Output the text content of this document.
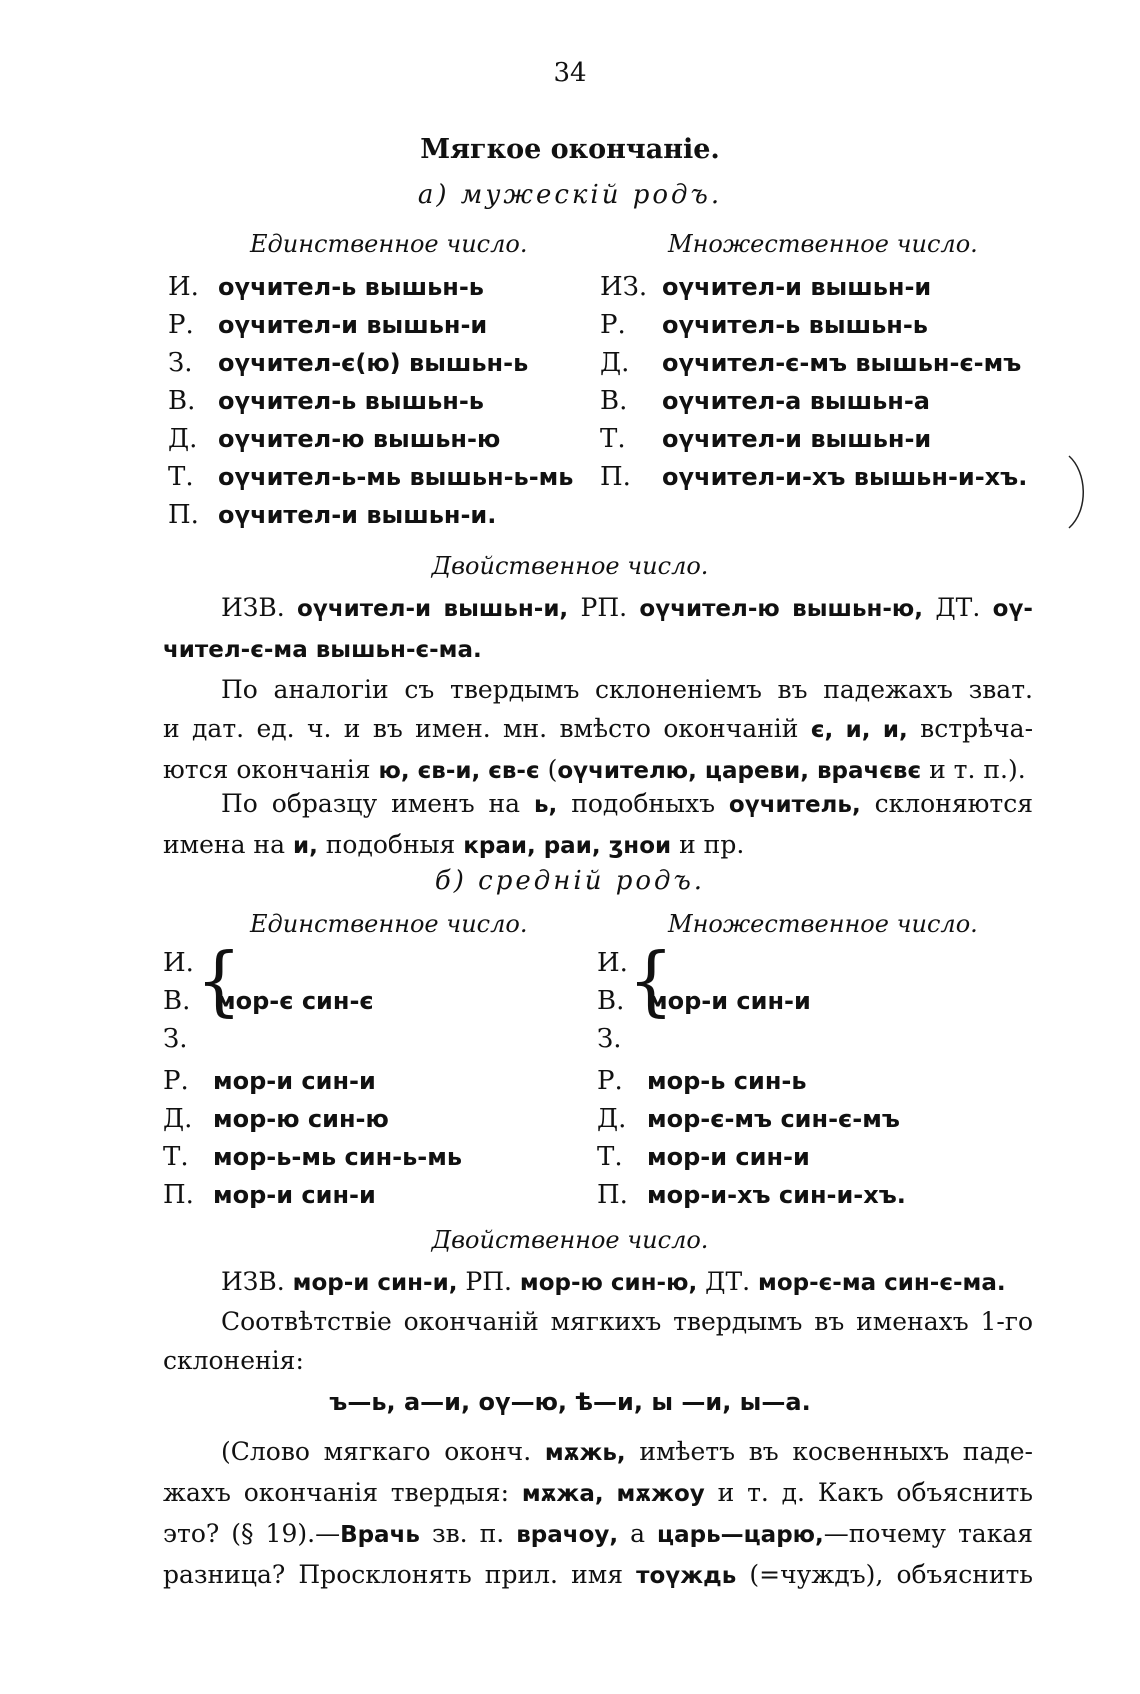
34
Мягкое окончаніе.
а) мужескій родъ.
Единственное число.	Множественное число.
И. оүчител-ь вышьн-ь
Р. оүчител-и вышьн-и
З. оүчител-є(ю) вышьн-ь
В. оүчител-ь вышьн-ь
Д. оүчител-ю вышьн-ю
Т. оүчител-ь-мь вышьн-ь-мь
П. оүчител-и вышьн-и.
ИЗ. оүчител-и вышьн-и
Р. оүчител-ь вышьн-ь
Д. оүчител-є-мъ вышьн-є-мъ
В. оүчител-а вышьн-а
Т. оүчител-и вышьн-и
П. оүчител-и-хъ вышьн-и-хъ.
Двойственное число.
ИЗВ. оүчител-и вышьн-и, РП. оүчител-ю вышьн-ю, ДТ. оү-
чител-є-ма вышьн-є-ма.
По аналогіи съ твердымъ склоненіемъ въ падежахъ зват.
и дат. ед. ч. и въ имен. мн. вмѣсто окончаній є, и, и, встрѣча-
ются окончанія ю, єв-и, єв-є (оүчителю, цареви, врачєвє и т. п.).
По образцу именъ на ь, подобныхъ оүчитель, склоняются
имена на и, подобныя краи, раи, ʒнои и пр.
б) средній родъ.
Единственное число.	Множественное число.
И.
В.
З.
{
мор-є син-є
И.
В.
З.
{
мор-и син-и
Р. мор-и син-и
Д. мор-ю син-ю
Т. мор-ь-мь син-ь-мь
П. мор-и син-и
Р. мор-ь син-ь
Д. мор-є-мъ син-є-мъ
Т. мор-и син-и
П. мор-и-хъ син-и-хъ.
Двойственное число.
ИЗВ. мор-и син-и, РП. мор-ю син-ю, ДТ. мор-є-ма син-є-ма.
Соотвѣтствіе окончаній мягкихъ твердымъ въ именахъ 1-го
склоненія:
ъ—ь, а—и, оү—ю, ѣ—и, ы —и, ы—а.
(Слово мягкаго оконч. мѫжь, имѣетъ въ косвенныхъ паде-
жахъ окончанія твердыя: мѫжа, мѫжоу и т. д. Какъ объяснить
это? (§ 19).—Врачь зв. п. врачоу, а царь—царю,—почему такая
разница? Просклонять прил. имя тоүждь (=чуждъ), объяснить
